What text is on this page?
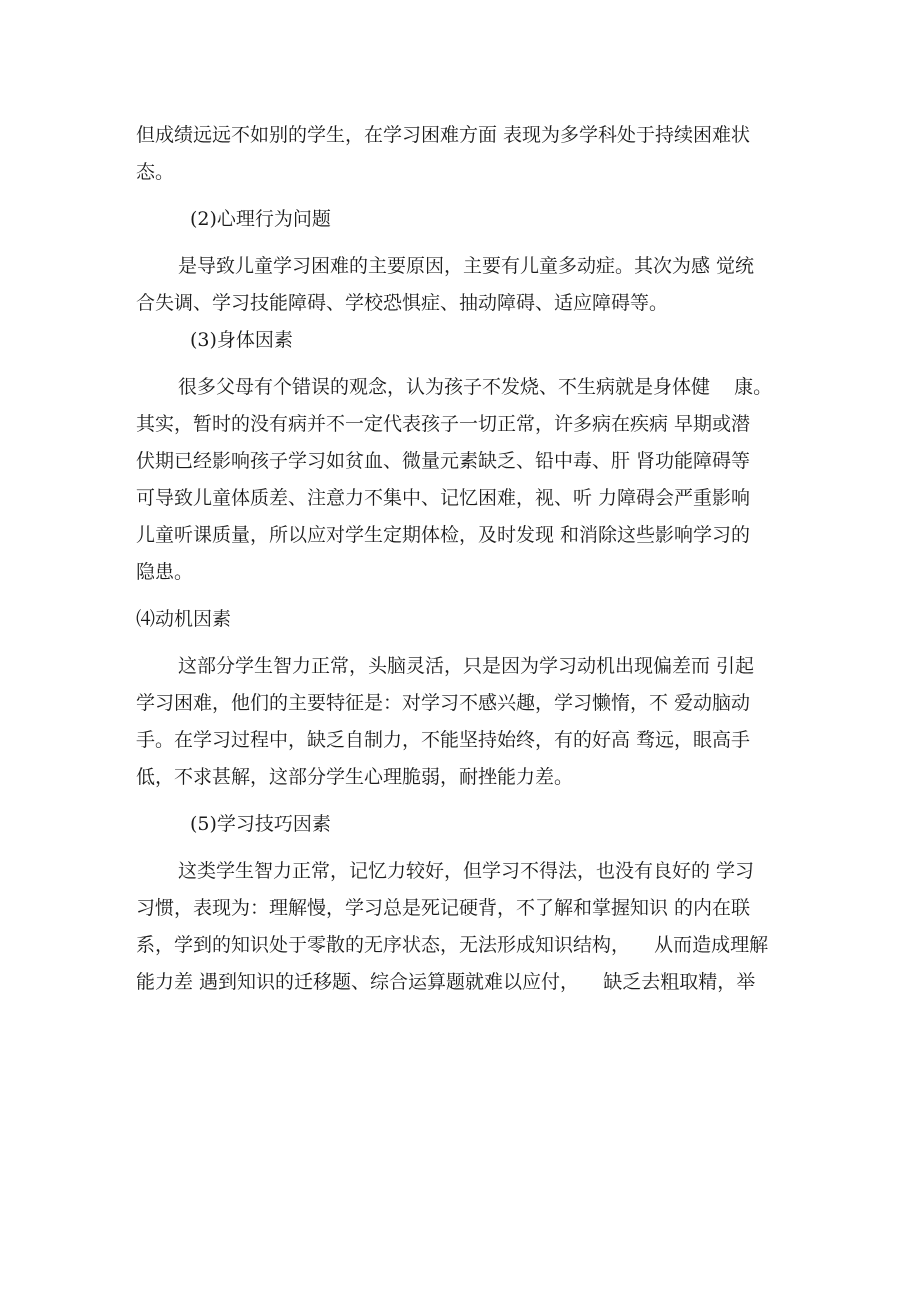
但成绩远远不如别的学生，在学习困难方面 表现为多学科处于持续困难状
态。
(2)心理行为问题
是导致儿童学习困难的主要原因，主要有儿童多动症。其次为感 觉统
合失调、学习技能障碍、学校恐惧症、抽动障碍、适应障碍等。
(3)身体因素
很多父母有个错误的观念，认为孩子不发烧、不生病就是身体健    康。
其实，暂时的没有病并不一定代表孩子一切正常，许多病在疾病 早期或潜
伏期已经影响孩子学习如贫血、微量元素缺乏、铅中毒、肝 肾功能障碍等
可导致儿童体质差、注意力不集中、记忆困难，视、听 力障碍会严重影响
儿童听课质量，所以应对学生定期体检，及时发现 和消除这些影响学习的
隐患。
⑷动机因素
这部分学生智力正常，头脑灵活，只是因为学习动机出现偏差而 引起
学习困难，他们的主要特征是：对学习不感兴趣，学习懒惰，不 爱动脑动
手。在学习过程中，缺乏自制力，不能坚持始终，有的好高 骛远，眼高手
低，不求甚解，这部分学生心理脆弱，耐挫能力差。
(5)学习技巧因素
这类学生智力正常，记忆力较好，但学习不得法，也没有良好的 学习
习惯，表现为：理解慢，学习总是死记硬背，不了解和掌握知识 的内在联
系，学到的知识处于零散的无序状态，无法形成知识结构，    从而造成理解
能力差 遇到知识的迁移题、综合运算题就难以应付，    缺乏去粗取精，举
